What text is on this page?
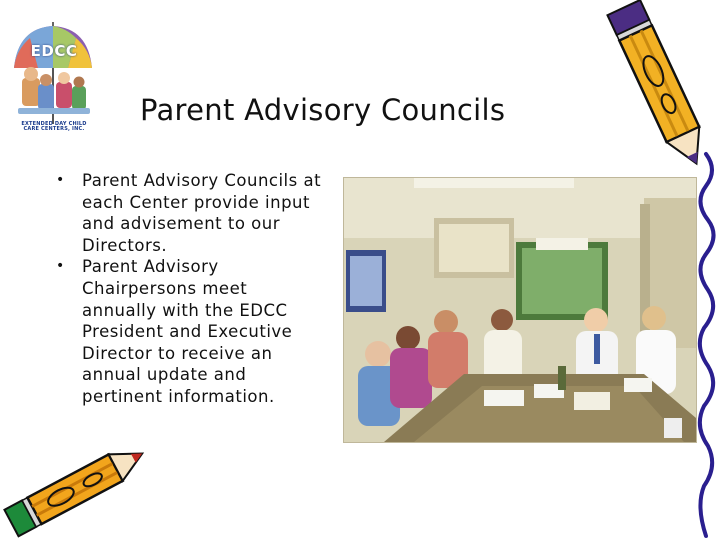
EDCC
EXTENDED DAY CHILD CARE CENTERS, INC.
Parent Advisory Councils
• Parent Advisory Councils at each Center provide input and advisement to our Directors.
• Parent Advisory Chairpersons meet annually with the EDCC President and Executive Director to receive an annual update and pertinent information.
